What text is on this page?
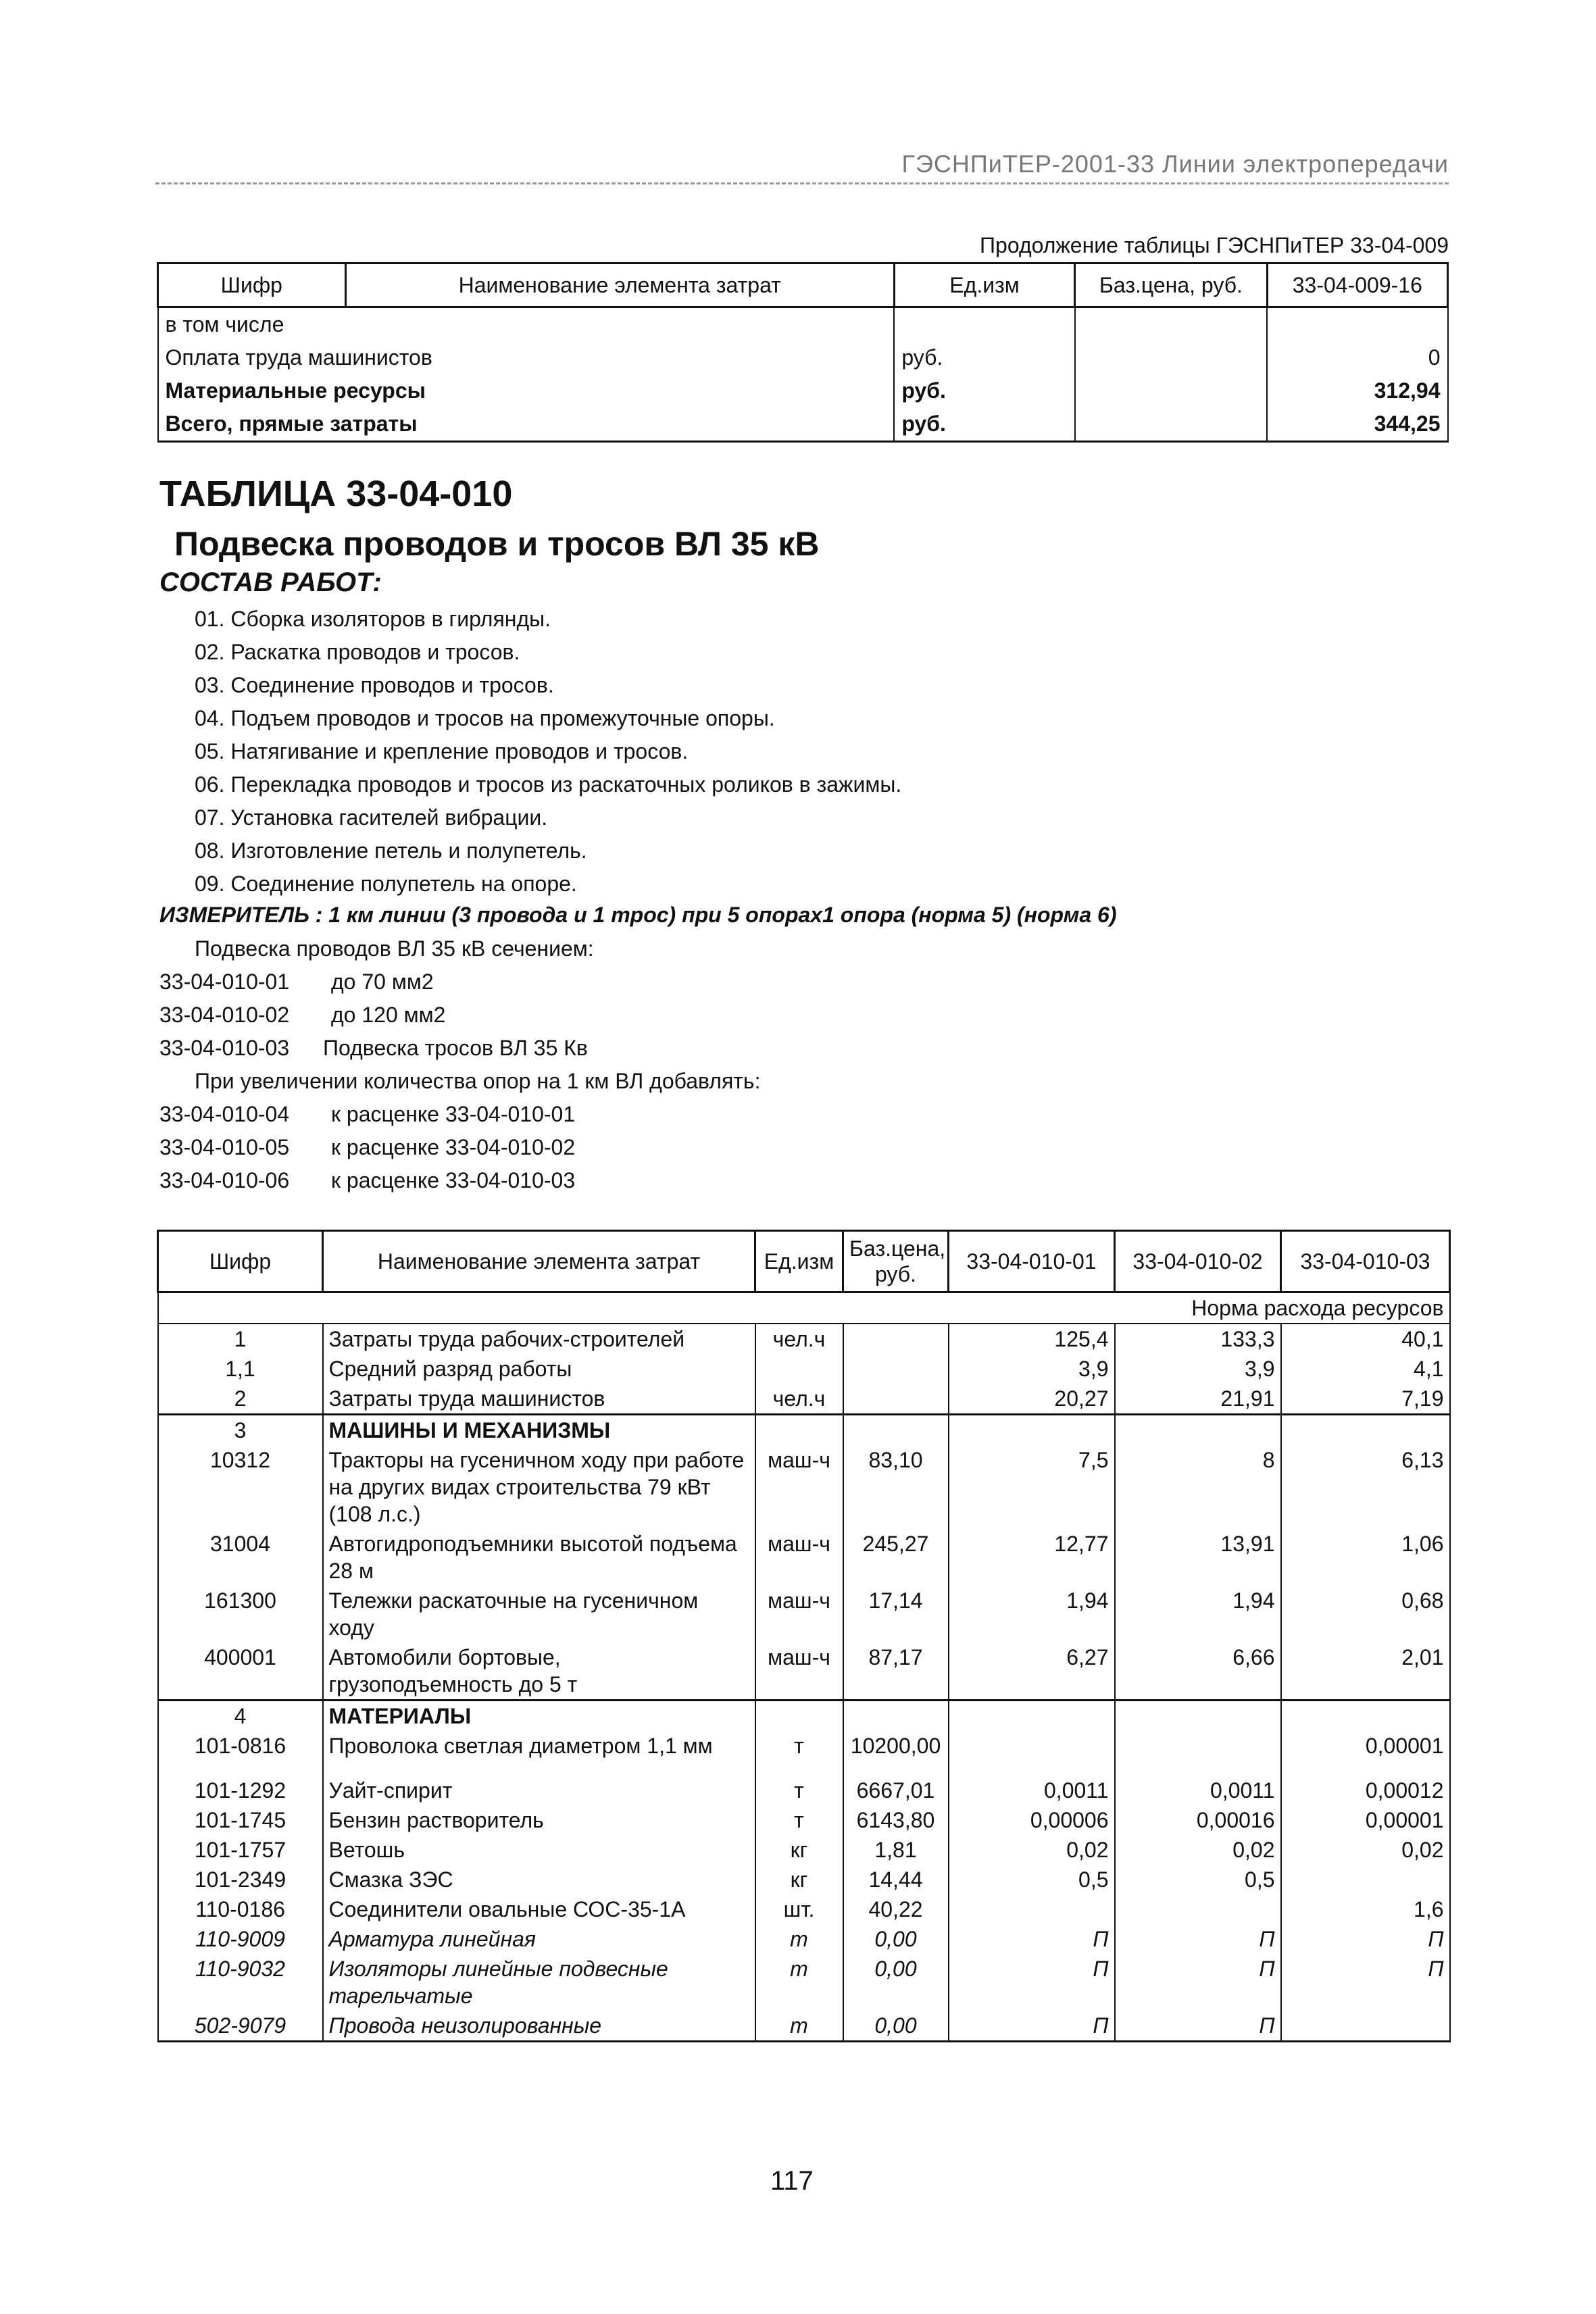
ГЭСНПиТЕР-2001-33 Линии электропередачи
Продолжение таблицы ГЭСНПиТЕР 33-04-009
Шифр	Наименование элемента затрат	Ед.изм	Баз.цена, руб.	33-04-009-16
в том числе				
Оплата труда машинистов		руб.		0
Материальные ресурсы		руб.		312,94
Всего, прямые затраты		руб.		344,25
ТАБЛИЦА 33-04-010
Подвеска проводов и тросов ВЛ 35 кВ
СОСТАВ РАБОТ:
01. Сборка изоляторов в гирлянды.
02. Раскатка проводов и тросов.
03. Соединение проводов и тросов.
04. Подъем проводов и тросов на промежуточные опоры.
05. Натягивание и крепление проводов и тросов.
06. Перекладка проводов и тросов из раскаточных роликов в зажимы.
07. Установка гасителей вибрации.
08. Изготовление петель и полупетель.
09. Соединение полупетель на опоре.
ИЗМЕРИТЕЛЬ : 1 км линии (3 провода и 1 трос) при 5 опорах1 опора (норма 5) (норма 6)
Подвеска проводов ВЛ 35 кВ сечением:
33-04-010-01 до 70 мм2
33-04-010-02 до 120 мм2
33-04-010-03 Подвеска тросов ВЛ 35 Кв
При увеличении количества опор на 1 км ВЛ добавлять:
33-04-010-04 к расценке 33-04-010-01
33-04-010-05 к расценке 33-04-010-02
33-04-010-06 к расценке 33-04-010-03
Шифр	Наименование элемента затрат	Ед.изм	Баз.цена, руб.	33-04-010-01	33-04-010-02	33-04-010-03
Норма расхода ресурсов						
1	Затраты труда рабочих-строителей	чел.ч		125,4	133,3	40,1
1,1	Средний разряд работы			3,9	3,9	4,1
2	Затраты труда машинистов	чел.ч		20,27	21,91	7,19
3	МАШИНЫ И МЕХАНИЗМЫ					
10312	Тракторы на гусеничном ходу при работе на других видах строительства 79 кВт (108 л.с.)	маш-ч	83,10	7,5	8	6,13
31004	Автогидроподъемники высотой подъема 28 м	маш-ч	245,27	12,77	13,91	1,06
161300	Тележки раскаточные на гусеничном ходу	маш-ч	17,14	1,94	1,94	0,68
400001	Автомобили бортовые, грузоподъемность до 5 т	маш-ч	87,17	6,27	6,66	2,01
4	МАТЕРИАЛЫ					
101-0816	Проволока светлая диаметром 1,1 мм	т	10200,00			0,00001
101-1292	Уайт-спирит	т	6667,01	0,0011	0,0011	0,00012
101-1745	Бензин растворитель	т	6143,80	0,00006	0,00016	0,00001
101-1757	Ветошь	кг	1,81	0,02	0,02	0,02
101-2349	Смазка ЗЭС	кг	14,44	0,5	0,5	
110-0186	Соединители овальные СОС-35-1А	шт.	40,22			1,6
110-9009	Арматура линейная	т	0,00	П	П	П
110-9032	Изоляторы линейные подвесные тарельчатые	т	0,00	П	П	П
502-9079	Провода неизолированные	т	0,00	П	П	
117
